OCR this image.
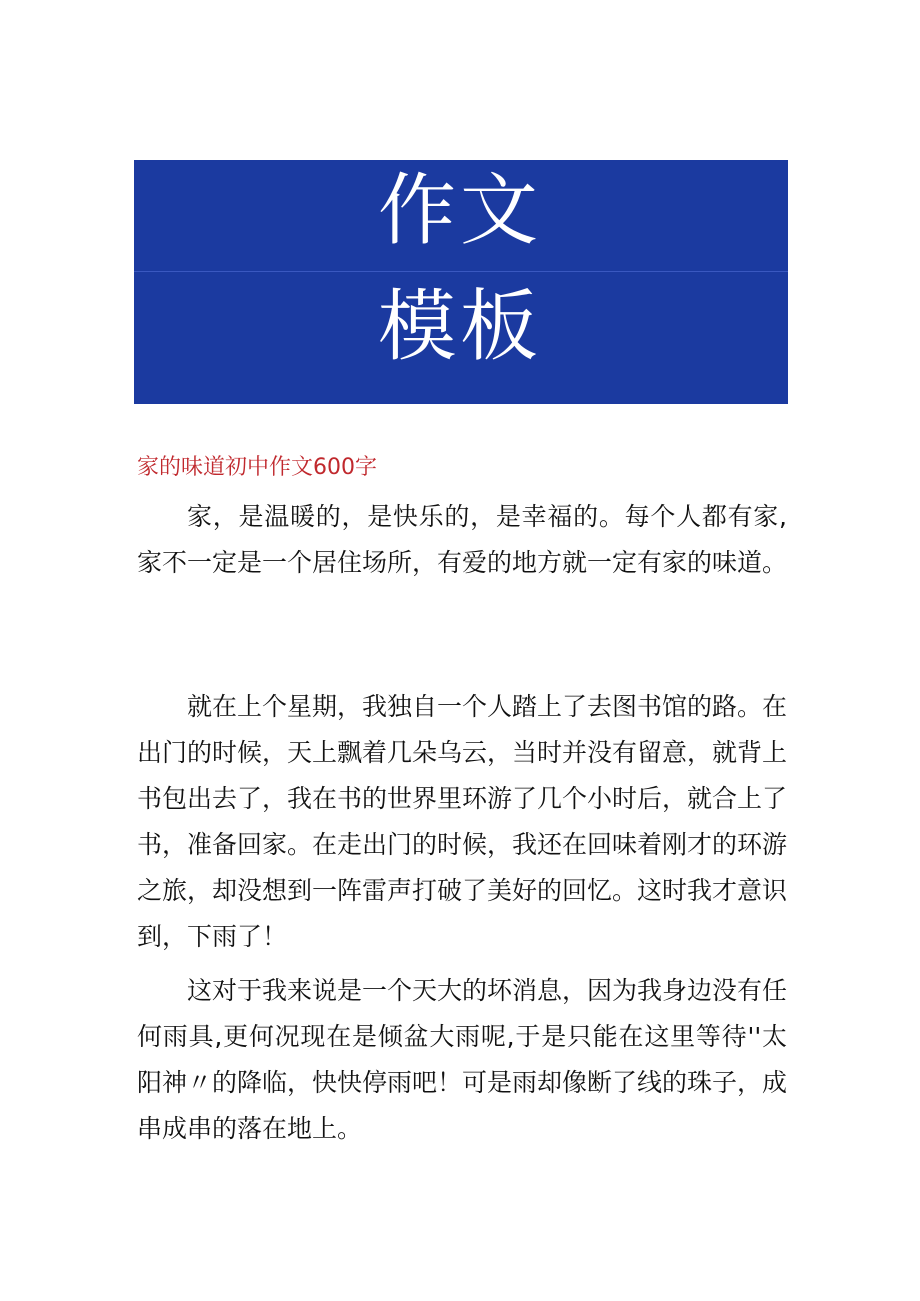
作文
模板
家的味道初中作文600字

家，是温暖的，是快乐的，是幸福的。每个人都有家,家不一定是一个居住场所，有爱的地方就一定有家的味道。

就在上个星期，我独自一个人踏上了去图书馆的路。在出门的时候，天上飘着几朵乌云，当时并没有留意，就背上书包出去了，我在书的世界里环游了几个小时后，就合上了书，准备回家。在走出门的时候，我还在回味着刚才的环游之旅，却没想到一阵雷声打破了美好的回忆。这时我才意识到，下雨了！

这对于我来说是一个天大的坏消息，因为我身边没有任何雨具,更何况现在是倾盆大雨呢,于是只能在这里等待''太阳神〃的降临，快快停雨吧！可是雨却像断了线的珠子，成串成串的落在地上。
